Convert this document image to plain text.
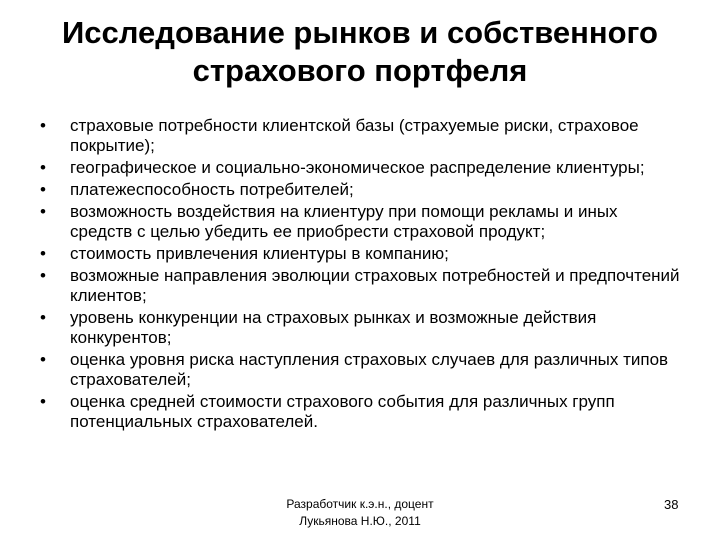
Исследование рынков и собственного
страхового портфеля
•	страховые потребности клиентской базы (страхуемые риски, страховое покрытие);
•	географическое и социально-экономическое распределение клиентуры;
•	платежеспособность потребителей;
•	возможность воздействия на клиентуру при помощи рекламы и иных средств с целью убедить ее приобрести страховой продукт;
•	стоимость привлечения клиентуры в компанию;
•	возможные направления эволюции страховых потребностей и предпочтений клиентов;
•	уровень конкуренции на страховых рынках и возможные действия конкурентов;
•	оценка уровня риска наступления страховых случаев для различных типов страхователей;
•	оценка средней стоимости страхового события для различных групп потенциальных страхователей.
Разработчик к.э.н., доцент
Лукьянова Н.Ю., 2011
38
